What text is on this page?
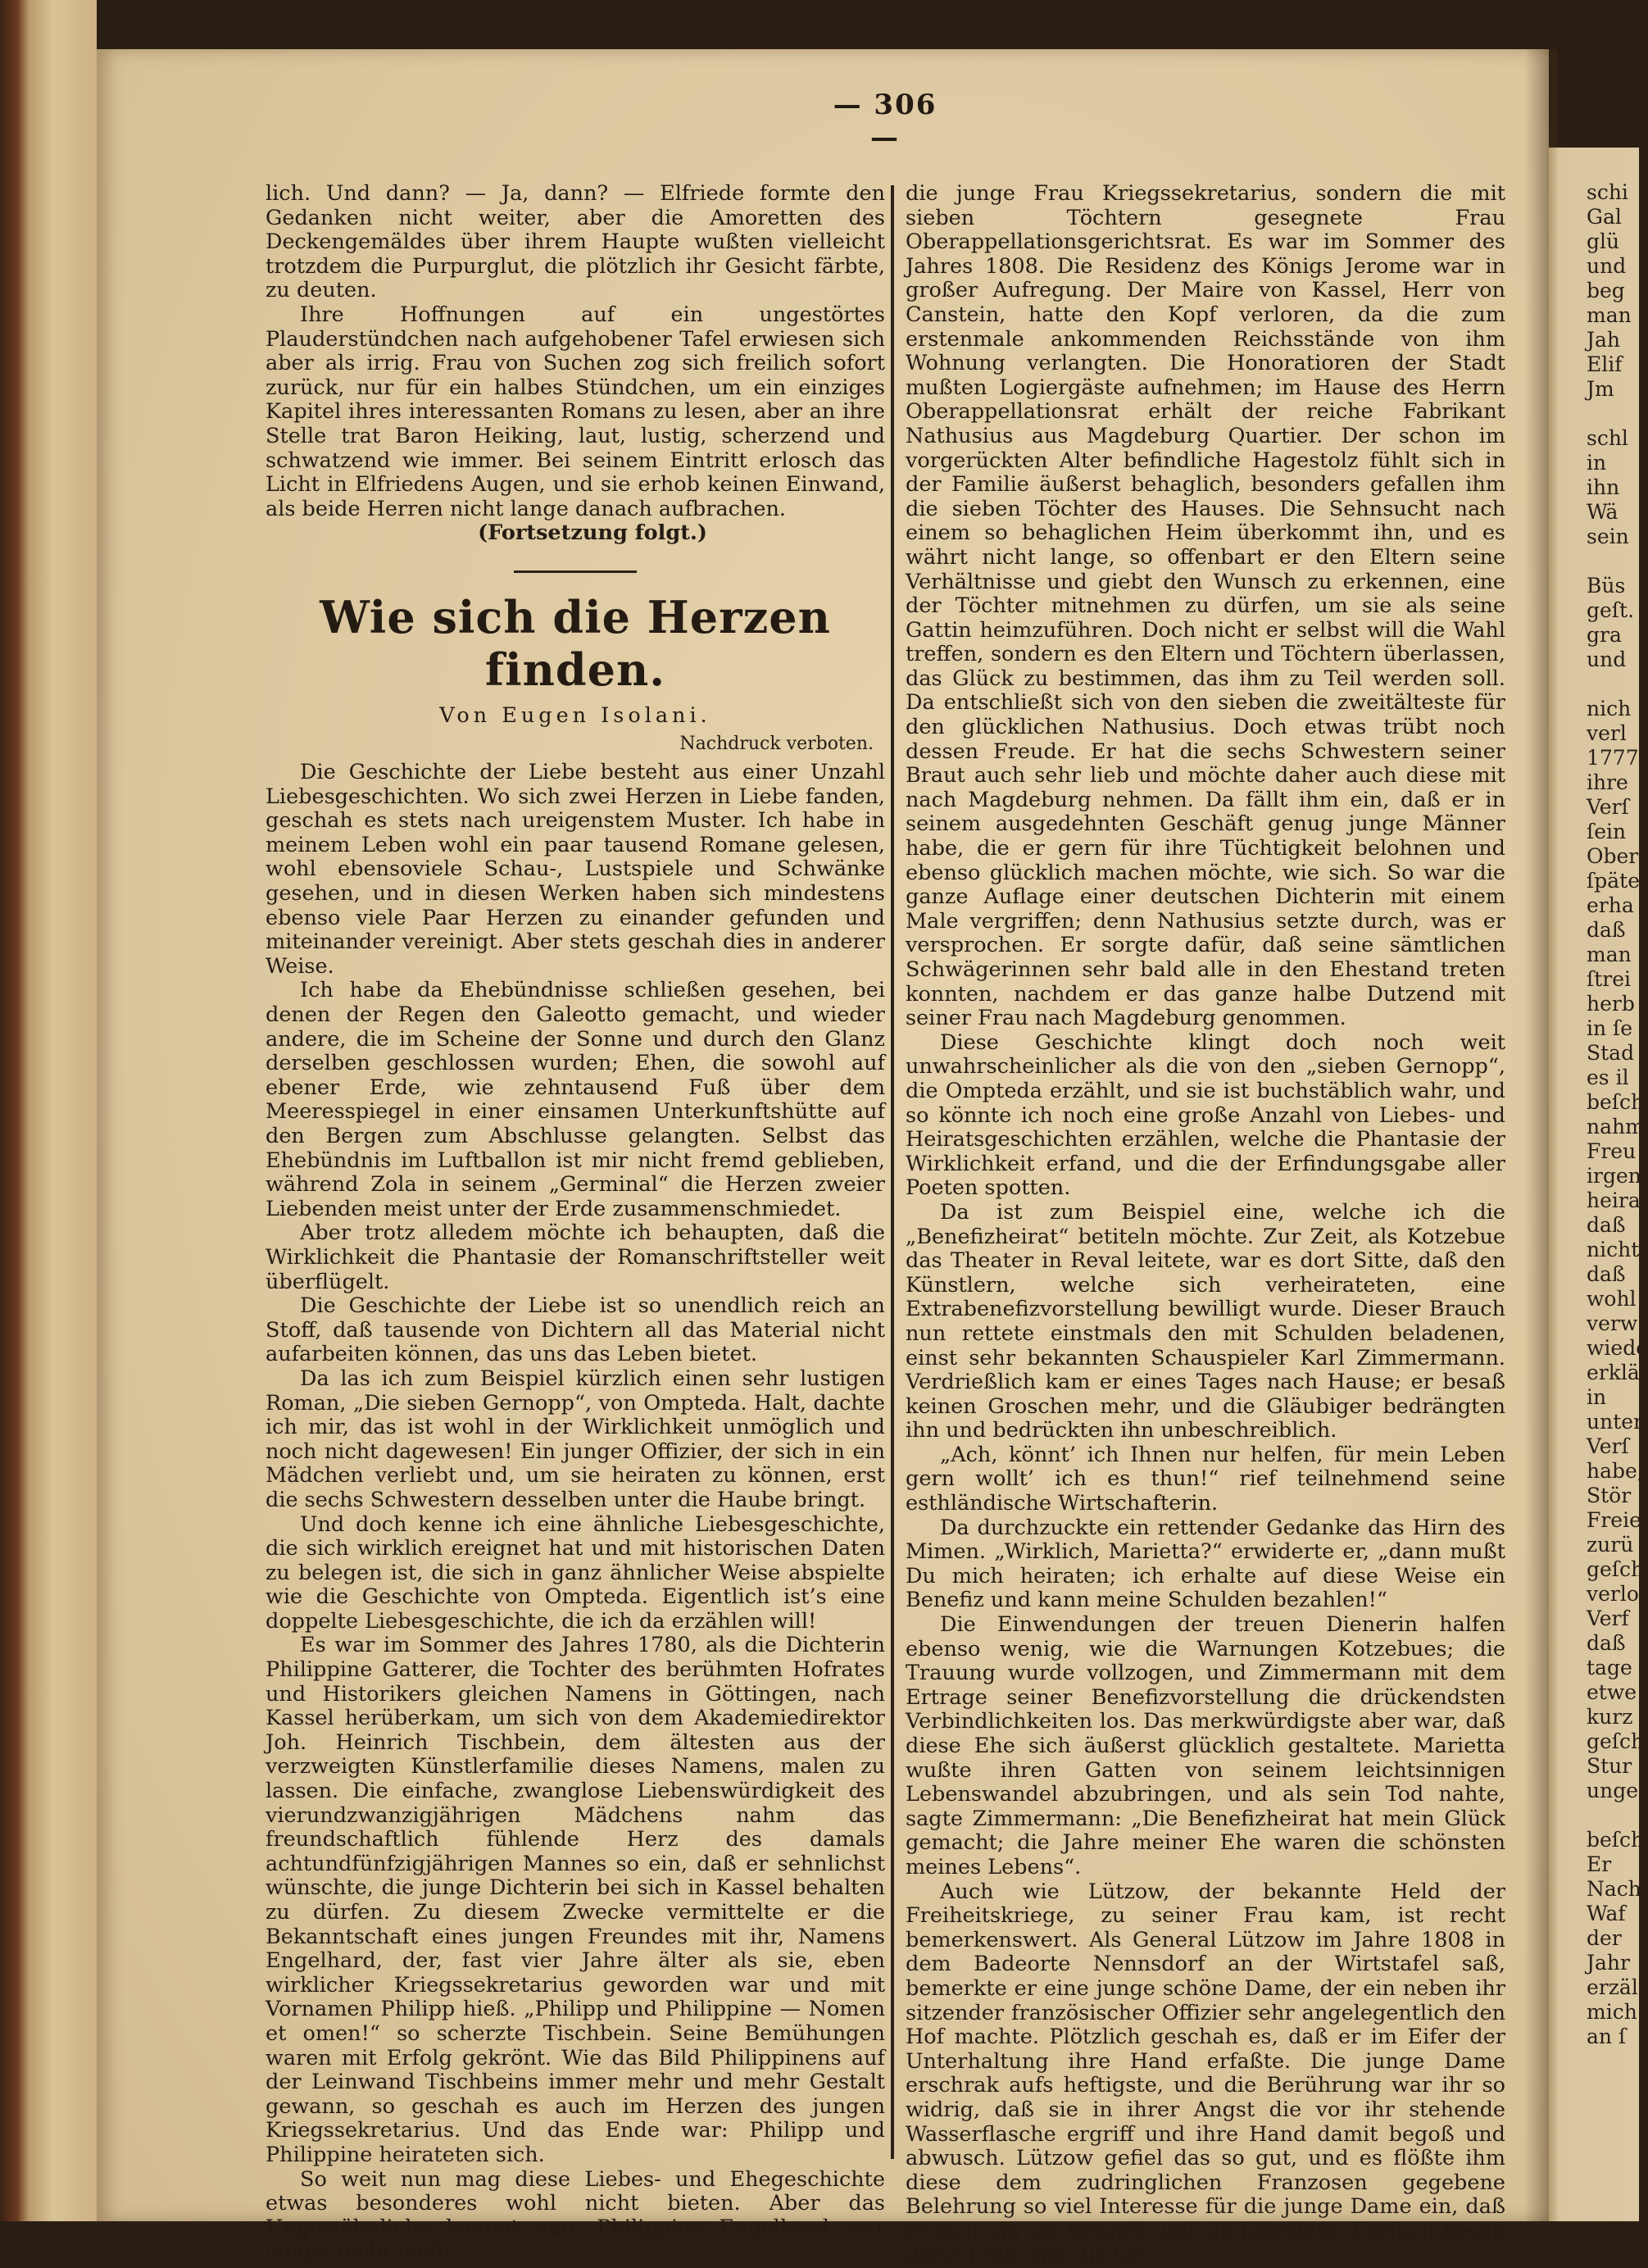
— 306 —

lich. Und dann? — Ja, dann? — Elfriede formte den Gedanken nicht weiter, aber die Amoretten des Deckengemäldes über ihrem Haupte wußten vielleicht trotzdem die Purpurglut, die plötzlich ihr Gesicht färbte, zu deuten.

Ihre Hoffnungen auf ein ungestörtes Plauderstündchen nach aufgehobener Tafel erwiesen sich aber als irrig. Frau von Suchen zog sich freilich sofort zurück, nur für ein halbes Stündchen, um ein einziges Kapitel ihres interessanten Romans zu lesen, aber an ihre Stelle trat Baron Heiking, laut, lustig, scherzend und schwatzend wie immer. Bei seinem Eintritt erlosch das Licht in Elfriedens Augen, und sie erhob keinen Einwand, als beide Herren nicht lange danach aufbrachen.

(Fortsetzung folgt.)

Wie sich die Herzen finden.
Von Eugen Isolani.
Nachdruck verboten.

Die Geschichte der Liebe besteht aus einer Unzahl Liebesgeschichten. Wo sich zwei Herzen in Liebe fanden, geschah es stets nach ureigenstem Muster. Ich habe in meinem Leben wohl ein paar tausend Romane gelesen, wohl ebensoviele Schau-, Lustspiele und Schwänke gesehen, und in diesen Werken haben sich mindestens ebenso viele Paar Herzen zu einander gefunden und miteinander vereinigt. Aber stets geschah dies in anderer Weise.

Ich habe da Ehebündnisse schließen gesehen, bei denen der Regen den Galeotto gemacht, und wieder andere, die im Scheine der Sonne und durch den Glanz derselben geschlossen wurden; Ehen, die sowohl auf ebener Erde, wie zehntausend Fuß über dem Meeresspiegel in einer einsamen Unterkunftshütte auf den Bergen zum Abschlusse gelangten. Selbst das Ehebündnis im Luftballon ist mir nicht fremd geblieben, während Zola in seinem „Germinal“ die Herzen zweier Liebenden meist unter der Erde zusammenschmiedet.

Aber trotz alledem möchte ich behaupten, daß die Wirklichkeit die Phantasie der Romanschriftsteller weit überflügelt.

Die Geschichte der Liebe ist so unendlich reich an Stoff, daß tausende von Dichtern all das Material nicht aufarbeiten können, das uns das Leben bietet.

Da las ich zum Beispiel kürzlich einen sehr lustigen Roman, „Die sieben Gernopp“, von Ompteda. Halt, dachte ich mir, das ist wohl in der Wirklichkeit unmöglich und noch nicht dagewesen! Ein junger Offizier, der sich in ein Mädchen verliebt und, um sie heiraten zu können, erst die sechs Schwestern desselben unter die Haube bringt.

Und doch kenne ich eine ähnliche Liebesgeschichte, die sich wirklich ereignet hat und mit historischen Daten zu belegen ist, die sich in ganz ähnlicher Weise abspielte wie die Geschichte von Ompteda. Eigentlich ist’s eine doppelte Liebesgeschichte, die ich da erzählen will!

Es war im Sommer des Jahres 1780, als die Dichterin Philippine Gatterer, die Tochter des berühmten Hofrates und Historikers gleichen Namens in Göttingen, nach Kassel herüberkam, um sich von dem Akademiedirektor Joh. Heinrich Tischbein, dem ältesten aus der verzweigten Künstlerfamilie dieses Namens, malen zu lassen. Die einfache, zwanglose Liebenswürdigkeit des vierundzwanzigjährigen Mädchens nahm das freundschaftlich fühlende Herz des damals achtundfünfzigjährigen Mannes so ein, daß er sehnlichst wünschte, die junge Dichterin bei sich in Kassel behalten zu dürfen. Zu diesem Zwecke vermittelte er die Bekanntschaft eines jungen Freundes mit ihr, Namens Engelhard, der, fast vier Jahre älter als sie, eben wirklicher Kriegssekretarius geworden war und mit Vornamen Philipp hieß. „Philipp und Philippine — Nomen et omen!“ so scherzte Tischbein. Seine Bemühungen waren mit Erfolg gekrönt. Wie das Bild Philippinens auf der Leinwand Tischbeins immer mehr und mehr Gestalt gewann, so geschah es auch im Herzen des jungen Kriegssekretarius. Und das Ende war: Philipp und Philippine heirateten sich.

So weit nun mag diese Liebes- und Ehegeschichte etwas besonderes wohl nicht bieten. Aber das Ungewöhnliche kommt nun. Philippine Engelhard war längst nicht mehr

die junge Frau Kriegssekretarius, sondern die mit sieben Töchtern gesegnete Frau Oberappellationsgerichtsrat. Es war im Sommer des Jahres 1808. Die Residenz des Königs Jerome war in großer Aufregung. Der Maire von Kassel, Herr von Canstein, hatte den Kopf verloren, da die zum erstenmale ankommenden Reichsstände von ihm Wohnung verlangten. Die Honoratioren der Stadt mußten Logiergäste aufnehmen; im Hause des Herrn Oberappellationsrat erhält der reiche Fabrikant Nathusius aus Magdeburg Quartier. Der schon im vorgerückten Alter befindliche Hagestolz fühlt sich in der Familie äußerst behaglich, besonders gefallen ihm die sieben Töchter des Hauses. Die Sehnsucht nach einem so behaglichen Heim überkommt ihn, und es währt nicht lange, so offenbart er den Eltern seine Verhältnisse und giebt den Wunsch zu erkennen, eine der Töchter mitnehmen zu dürfen, um sie als seine Gattin heimzuführen. Doch nicht er selbst will die Wahl treffen, sondern es den Eltern und Töchtern überlassen, das Glück zu bestimmen, das ihm zu Teil werden soll. Da entschließt sich von den sieben die zweitälteste für den glücklichen Nathusius. Doch etwas trübt noch dessen Freude. Er hat die sechs Schwestern seiner Braut auch sehr lieb und möchte daher auch diese mit nach Magdeburg nehmen. Da fällt ihm ein, daß er in seinem ausgedehnten Geschäft genug junge Männer habe, die er gern für ihre Tüchtigkeit belohnen und ebenso glücklich machen möchte, wie sich. So war die ganze Auflage einer deutschen Dichterin mit einem Male vergriffen; denn Nathusius setzte durch, was er versprochen. Er sorgte dafür, daß seine sämtlichen Schwägerinnen sehr bald alle in den Ehestand treten konnten, nachdem er das ganze halbe Dutzend mit seiner Frau nach Magdeburg genommen.

Diese Geschichte klingt doch noch weit unwahrscheinlicher als die von den „sieben Gernopp“, die Ompteda erzählt, und sie ist buchstäblich wahr, und so könnte ich noch eine große Anzahl von Liebes- und Heiratsgeschichten erzählen, welche die Phantasie der Wirklichkeit erfand, und die der Erfindungsgabe aller Poeten spotten.

Da ist zum Beispiel eine, welche ich die „Benefizheirat“ betiteln möchte. Zur Zeit, als Kotzebue das Theater in Reval leitete, war es dort Sitte, daß den Künstlern, welche sich verheirateten, eine Extrabenefizvorstellung bewilligt wurde. Dieser Brauch nun rettete einstmals den mit Schulden beladenen, einst sehr bekannten Schauspieler Karl Zimmermann. Verdrießlich kam er eines Tages nach Hause; er besaß keinen Groschen mehr, und die Gläubiger bedrängten ihn und bedrückten ihn unbeschreiblich.

„Ach, könnt’ ich Ihnen nur helfen, für mein Leben gern wollt’ ich es thun!“ rief teilnehmend seine esthländische Wirtschafterin.

Da durchzuckte ein rettender Gedanke das Hirn des Mimen. „Wirklich, Marietta?“ erwiderte er, „dann mußt Du mich heiraten; ich erhalte auf diese Weise ein Benefiz und kann meine Schulden bezahlen!“

Die Einwendungen der treuen Dienerin halfen ebenso wenig, wie die Warnungen Kotzebues; die Trauung wurde vollzogen, und Zimmermann mit dem Ertrage seiner Benefizvorstellung die drückendsten Verbindlichkeiten los. Das merkwürdigste aber war, daß diese Ehe sich äußerst glücklich gestaltete. Marietta wußte ihren Gatten von seinem leichtsinnigen Lebenswandel abzubringen, und als sein Tod nahte, sagte Zimmermann: „Die Benefizheirat hat mein Glück gemacht; die Jahre meiner Ehe waren die schönsten meines Lebens“.

Auch wie Lützow, der bekannte Held der Freiheitskriege, zu seiner Frau kam, ist recht bemerkenswert. Als General Lützow im Jahre 1808 in dem Badeorte Nennsdorf an der Wirtstafel saß, bemerkte er eine junge schöne Dame, der ein neben ihr sitzender französischer Offizier sehr angelegentlich den Hof machte. Plötzlich geschah es, daß er im Eifer der Unterhaltung ihre Hand erfaßte. Die junge Dame erschrak aufs heftigste, und die Berührung war ihr so widrig, daß sie in ihrer Angst die vor ihr stehende Wasserflasche ergriff und ihre Hand damit begoß und abwusch. Lützow gefiel das so gut, und es flößte ihm diese dem zudringlichen Franzosen gegebene Belehrung so viel Interesse für die junge Dame ein, daß er sich um sie bewarb und sie heiratete. Freilich besaß diese Frau, wie die Ge-

schi
Gal
glü
und
beg
man
Jah
Elif
Jm
schl
in
ihn
Wä
sein
Büs
geſt.
gra
und
nich
verl
1777
ihre
Verſ
ſein
Ober
ſpäte
erha
daß
man
ſtrei
herb
in ſe
Stad
es il
beſch
nahm
Freu
irgen
heira
daß
nicht
daß
wohl
verw
wiede
erklä
in
unter
Verſ
habe,
Stör
Freie
zurü
geſch
verlo
Verf
daß
tage
etwe
kurz
geſch
Stur
unge
beſch
Er
Nach
Waf
der
Jahr
erzäl
mich
an ſ
